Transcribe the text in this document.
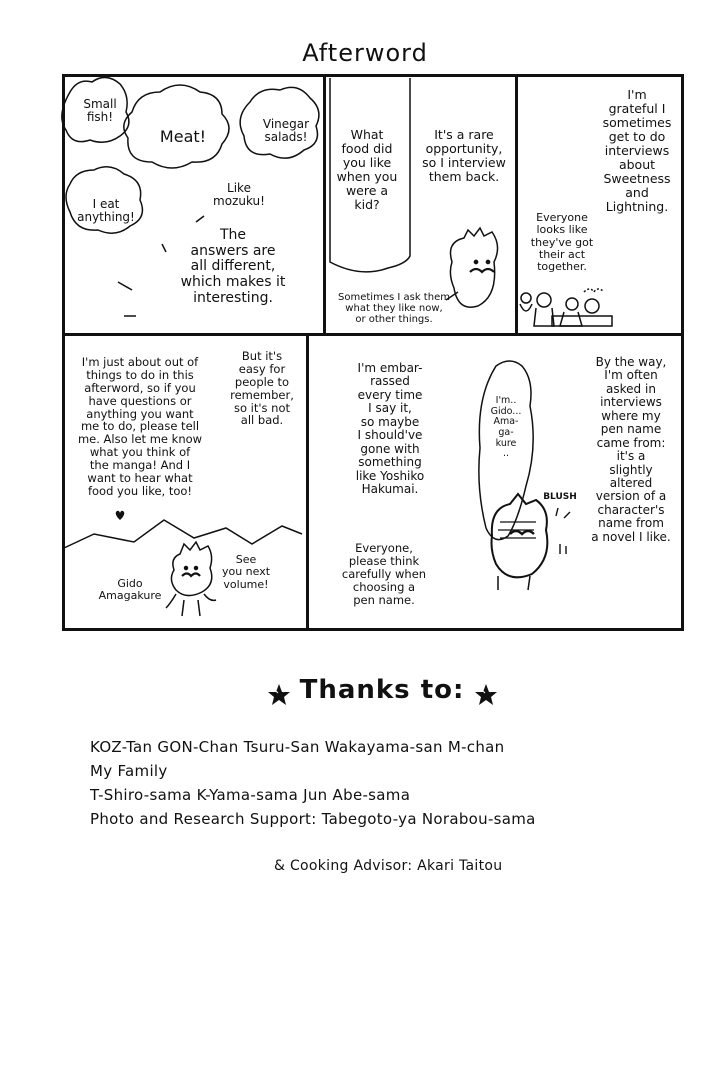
Afterword
Small
fish!
Meat!
Vinegar
salads!
I eat
anything!
Like
mozuku!
The
answers are
all different,
which makes it
interesting.
What
food did
you like
when you
were a
kid?
It's a rare
opportunity,
so I interview
them back.
Sometimes I ask them
what they like now,
or other things.
I'm
grateful I
sometimes
get to do
interviews
about
Sweetness
and
Lightning.
Everyone
looks like
they've got
their act
together.
I'm just about out of
things to do in this
afterword, so if you
have questions or
anything you want
me to do, please tell
me. Also let me know
what you think of
the manga! And I
want to hear what
food you like, too!
But it's
easy for
people to
remember,
so it's not
all bad.
Gido
Amagakure
See
you next
volume!
I'm embar-
rassed
every time
I say it,
so maybe
I should've
gone with
something
like Yoshiko
Hakumai.
Everyone,
please think
carefully when
choosing a
pen name.
I'm..
Gido...
Ama-
ga-
kure
..
BLUSH
By the way,
I'm often
asked in
interviews
where my
pen name
came from:
it's a
slightly
altered
version of a
character's
name from
a novel I like.
Thanks to:
KOZ-Tan GON-Chan Tsuru-San Wakayama-san M-chan
My Family
T-Shiro-sama K-Yama-sama Jun Abe-sama
Photo and Research Support: Tabegoto-ya Norabou-sama
& Cooking Advisor: Akari Taitou
